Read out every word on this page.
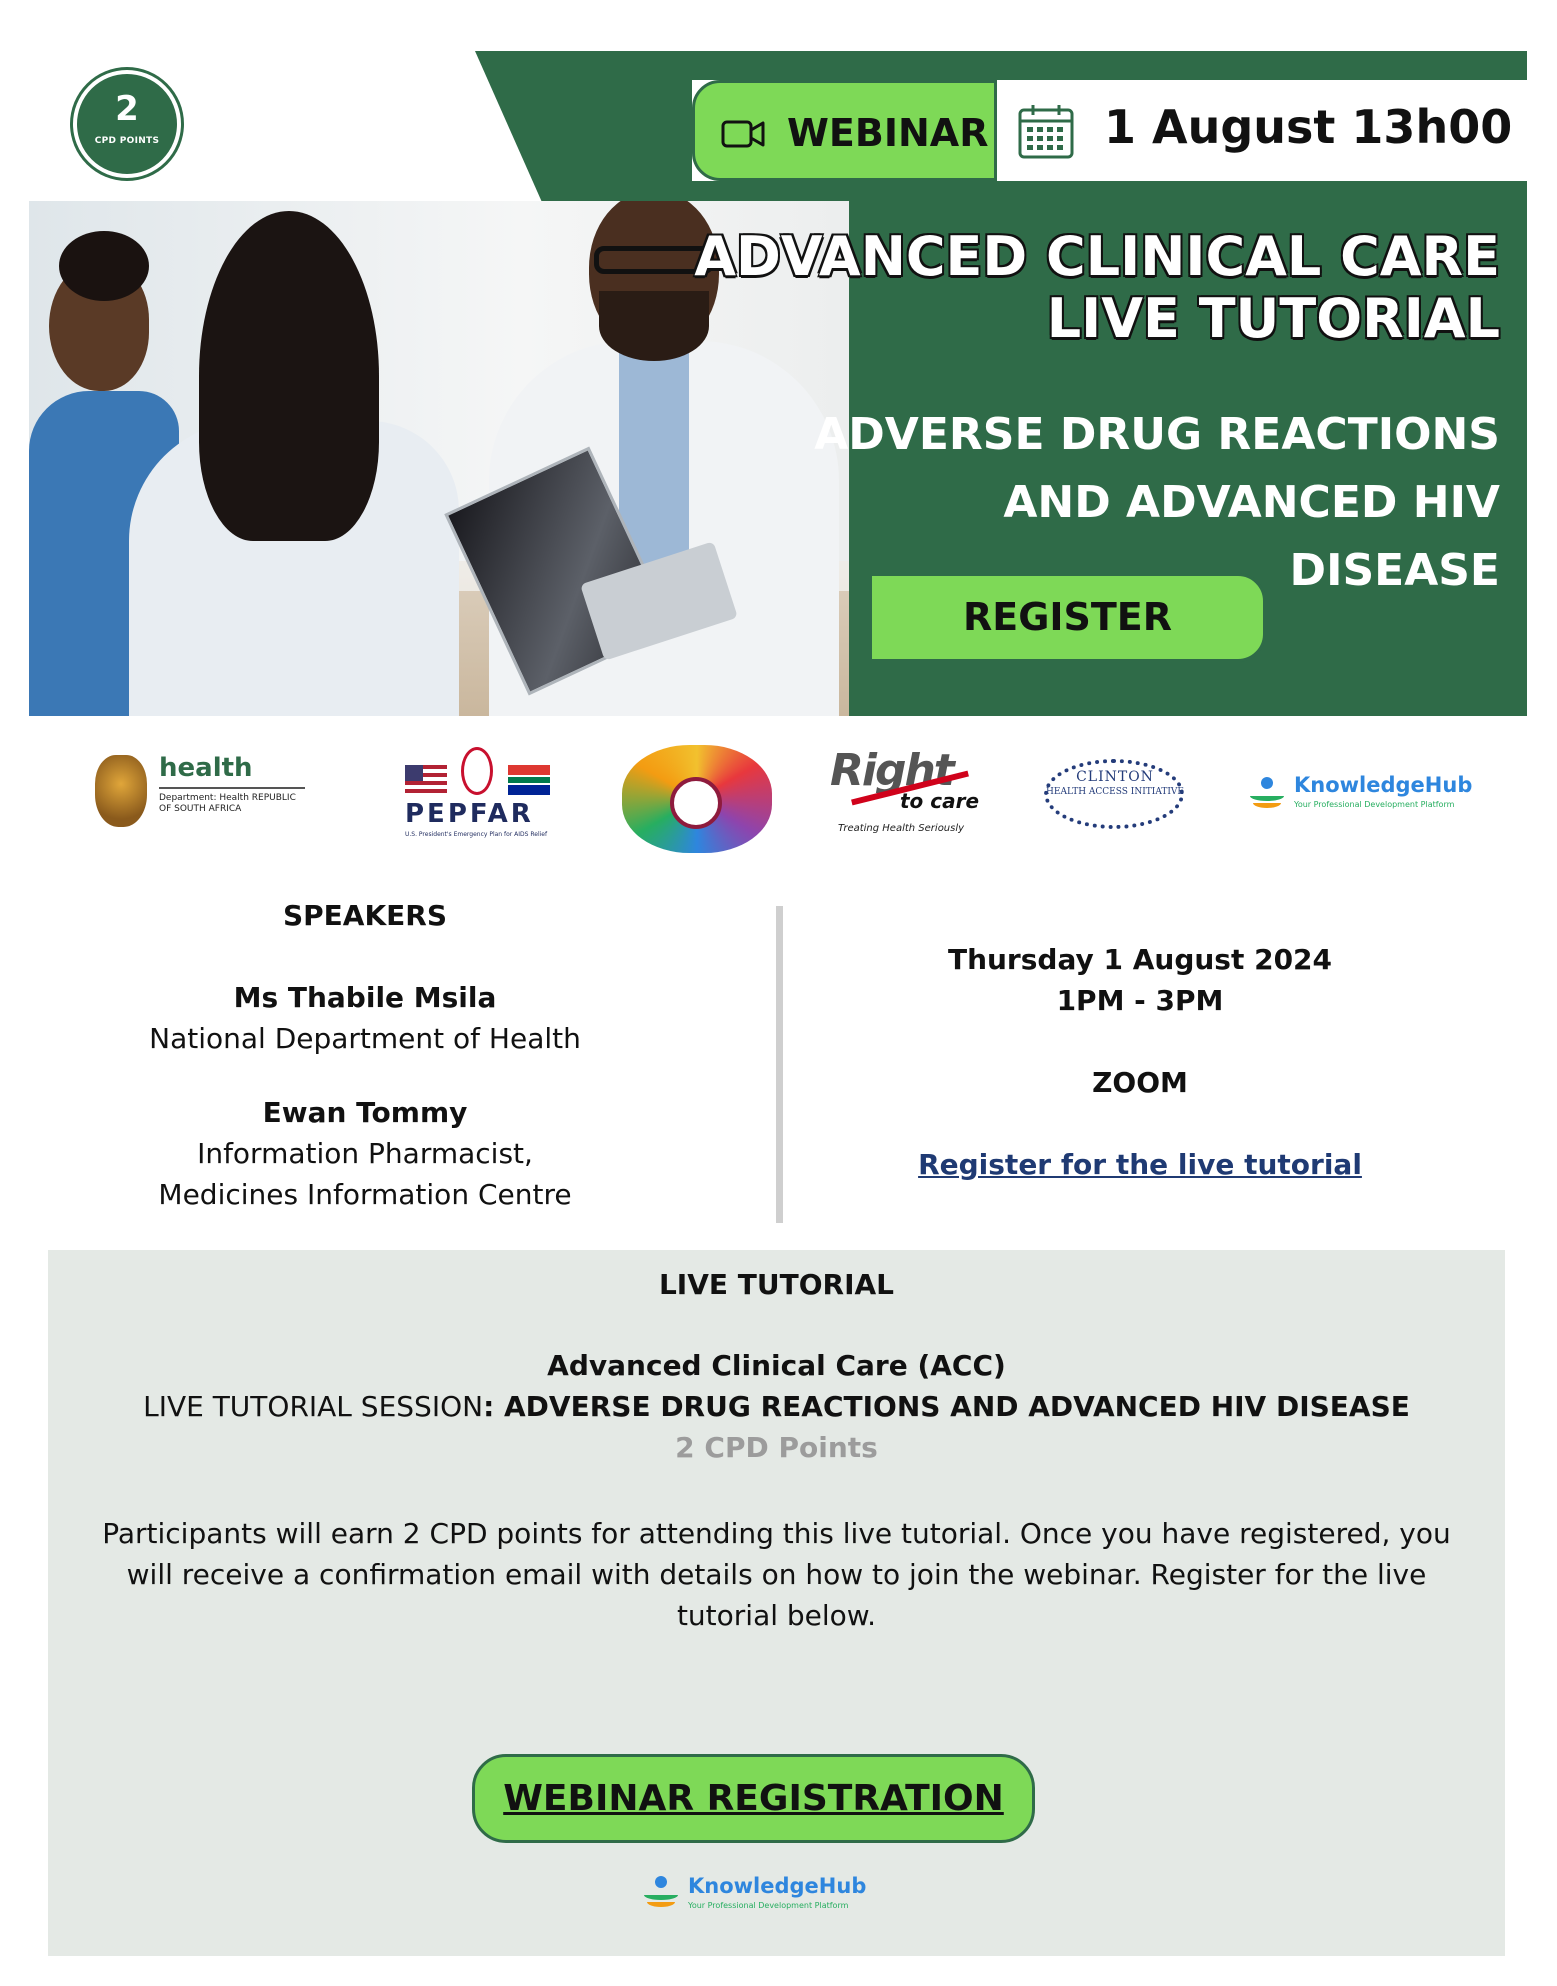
2
CPD POINTS	WEBINAR	1 August 13h00
ADVANCED CLINICAL CARE
LIVE TUTORIAL
ADVERSE DRUG REACTIONS
AND ADVANCED HIV
DISEASE
REGISTER
health
Department: Health REPUBLIC OF SOUTH AFRICA	PEPFAR
U.S. President's Emergency Plan for AIDS Relief
Right
to care
Treating Health Seriously
CLINTON
HEALTH ACCESS INITIATIVE	KnowledgeHub
Your Professional Development Platform
SPEAKERS
Ms Thabile Msila
National Department of Health
Ewan Tommy
Information Pharmacist,
Medicines Information Centre
Thursday 1 August 2024
1PM - 3PM
ZOOM
Register for the live tutorial
LIVE TUTORIAL
Advanced Clinical Care (ACC)
LIVE TUTORIAL SESSION: ADVERSE DRUG REACTIONS AND ADVANCED HIV DISEASE
2 CPD Points
Participants will earn 2 CPD points for attending this live tutorial. Once you have registered, you will receive a confirmation email with details on how to join the webinar. Register for the live tutorial below.
WEBINAR REGISTRATION
KnowledgeHub
Your Professional Development Platform
